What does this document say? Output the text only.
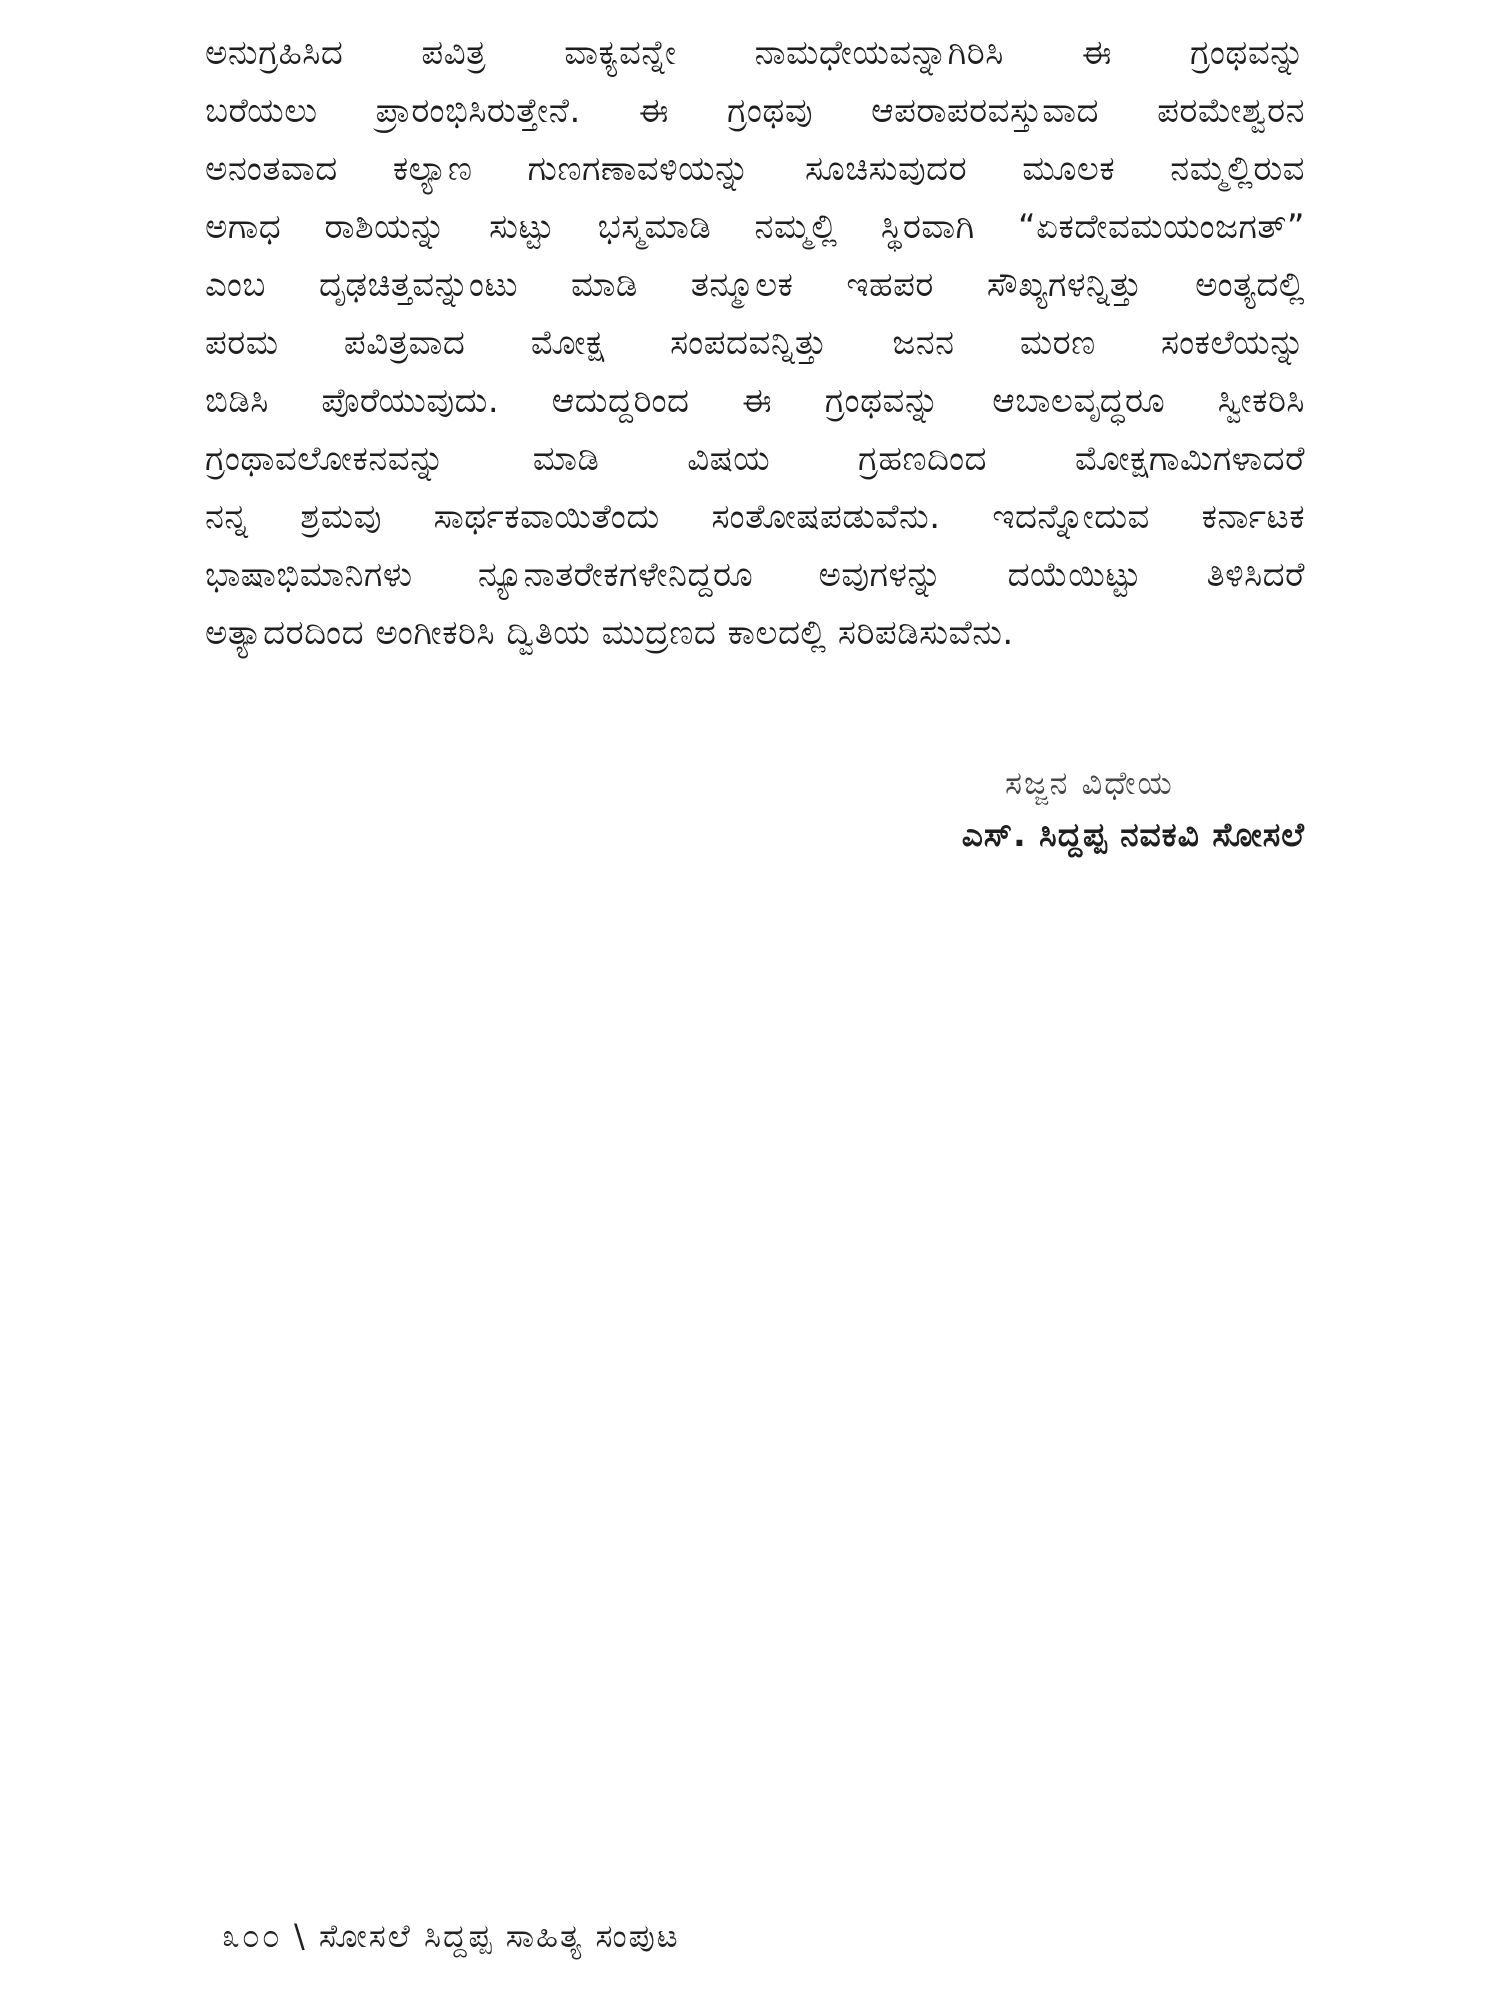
ಅನುಗ್ರಹಿಸಿದ ಪವಿತ್ರ ವಾಕ್ಯವನ್ನೇ ನಾಮಧೇಯವನ್ನಾಗಿರಿಸಿ ಈ ಗ್ರಂಥವನ್ನು
ಬರೆಯಲು ಪ್ರಾರಂಭಿಸಿರುತ್ತೇನೆ. ಈ ಗ್ರಂಥವು ಆಪರಾಪರವಸ್ತುವಾದ ಪರಮೇಶ್ವರನ
ಅನಂತವಾದ ಕಲ್ಯಾಣ ಗುಣಗಣಾವಳಿಯನ್ನು ಸೂಚಿಸುವುದರ ಮೂಲಕ ನಮ್ಮಲ್ಲಿರುವ
ಅಗಾಧ ರಾಶಿಯನ್ನು ಸುಟ್ಟು ಭಸ್ಮಮಾಡಿ ನಮ್ಮಲ್ಲಿ ಸ್ಥಿರವಾಗಿ “ಏಕದೇವಮಯಂಜಗತ್”
ಎಂಬ ದೃಢಚಿತ್ತವನ್ನುಂಟು ಮಾಡಿ ತನ್ಮೂಲಕ ಇಹಪರ ಸೌಖ್ಯಗಳನ್ನಿತ್ತು ಅಂತ್ಯದಲ್ಲಿ
ಪರಮ ಪವಿತ್ರವಾದ ಮೋಕ್ಷ ಸಂಪದವನ್ನಿತ್ತು ಜನನ ಮರಣ ಸಂಕಲೆಯನ್ನು
ಬಿಡಿಸಿ ಪೊರೆಯುವುದು. ಆದುದ್ದರಿಂದ ಈ ಗ್ರಂಥವನ್ನು ಆಬಾಲವೃದ್ಧರೂ ಸ್ವೀಕರಿಸಿ
ಗ್ರಂಥಾವಲೋಕನವನ್ನು ಮಾಡಿ ವಿಷಯ ಗ್ರಹಣದಿಂದ ಮೋಕ್ಷಗಾಮಿಗಳಾದರೆ
ನನ್ನ ಶ್ರಮವು ಸಾರ್ಥಕವಾಯಿತೆಂದು ಸಂತೋಷಪಡುವೆನು. ಇದನ್ನೋದುವ ಕರ್ನಾಟಕ
ಭಾಷಾಭಿಮಾನಿಗಳು ನ್ಯೂನಾತರೇಕಗಳೇನಿದ್ದರೂ ಅವುಗಳನ್ನು ದಯೆಯಿಟ್ಟು ತಿಳಿಸಿದರೆ
ಅತ್ಯಾದರದಿಂದ ಅಂಗೀಕರಿಸಿ ದ್ವಿತಿಯ ಮುದ್ರಣದ ಕಾಲದಲ್ಲಿ ಸರಿಪಡಿಸುವೆನು.

ಸಜ್ಜನ ವಿಧೇಯ
ಎಸ್. ಸಿದ್ದಪ್ಪ ನವಕವಿ ಸೋಸಲೆ
೩೦೦ \ ಸೋಸಲೆ ಸಿದ್ದಪ್ಪ ಸಾಹಿತ್ಯ ಸಂಪುಟ
